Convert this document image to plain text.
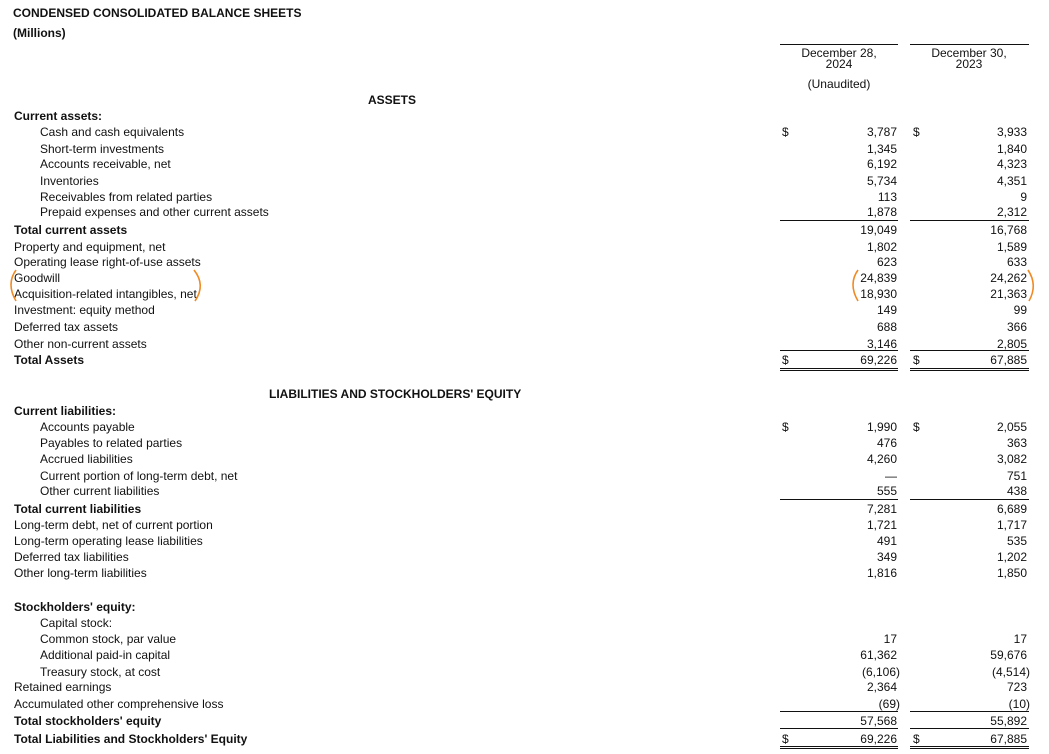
CONDENSED CONSOLIDATED BALANCE SHEETS
(Millions)
December 28,
2024
(Unaudited)
December 30,
2023
ASSETS
Current assets:
Cash and cash equivalents	$	3,787 $	3,933
Short-term investments	1,345	1,840
Accounts receivable, net	6,192	4,323
Inventories	5,734	4,351
Receivables from related parties	113	9
Prepaid expenses and other current assets	1,878	2,312
Total current assets	19,049	16,768
Property and equipment, net	1,802	1,589
Operating lease right-of-use assets	623	633
Goodwill	24,839	24,262
Acquisition-related intangibles, net	18,930	21,363
Investment: equity method	149	99
Deferred tax assets	688	366
Other non-current assets	3,146	2,805
Total Assets	$	69,226 $	67,885
LIABILITIES AND STOCKHOLDERS' EQUITY
Current liabilities:
Accounts payable	$	1,990 $	2,055
Payables to related parties	476	363
Accrued liabilities	4,260	3,082
Current portion of long-term debt, net	—	751
Other current liabilities	555	438
Total current liabilities	7,281	6,689
Long-term debt, net of current portion	1,721	1,717
Long-term operating lease liabilities	491	535
Deferred tax liabilities	349	1,202
Other long-term liabilities	1,816	1,850
Stockholders' equity:
Capital stock:
Common stock, par value	17	17
Additional paid-in capital	61,362	59,676
Treasury stock, at cost	(6,106)	(4,514)
Retained earnings	2,364	723
Accumulated other comprehensive loss	(69)	(10)
Total stockholders' equity	57,568	55,892
Total Liabilities and Stockholders' Equity	$	69,226 $	67,885
